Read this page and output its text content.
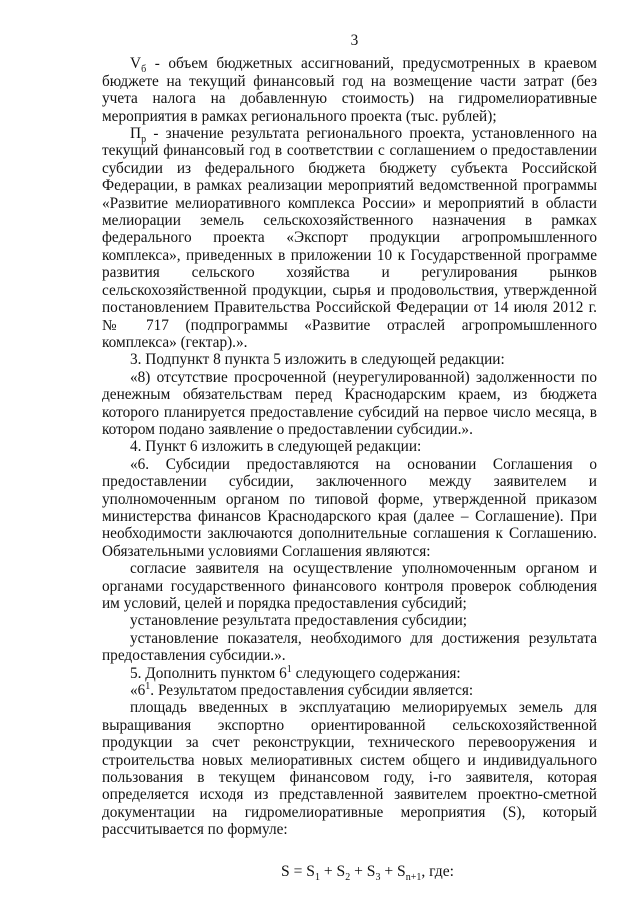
3

$V_б$ - объем бюджетных ассигнований, предусмотренных в краевом бюджете на текущий финансовый год на возмещение части затрат (без учета налога на добавленную стоимость) на гидромелиоративные мероприятия в рамках регионального проекта (тыс. рублей);

$П_р$ - значение результата регионального проекта, установленного на текущий финансовый год в соответствии с соглашением о предоставлении субсидии из федерального бюджета бюджету субъекта Российской Федерации, в рамках реализации мероприятий ведомственной программы «Развитие мелиоративного комплекса России» и мероприятий в области мелиорации земель сельскохозяйственного назначения в рамках федерального проекта «Экспорт продукции агропромышленного комплекса», приведенных в приложении 10 к Государственной программе развития сельского хозяйства и регулирования рынков сельскохозяйственной продукции, сырья и продовольствия, утвержденной постановлением Правительства Российской Федерации от 14 июля 2012 г. № 717 (подпрограммы «Развитие отраслей агропромышленного комплекса» (гектар).».

3. Подпункт 8 пункта 5 изложить в следующей редакции:

«8) отсутствие просроченной (неурегулированной) задолженности по денежным обязательствам перед Краснодарским краем, из бюджета которого планируется предоставление субсидий на первое число месяца, в котором подано заявление о предоставлении субсидии.».

4. Пункт 6 изложить в следующей редакции:

«6. Субсидии предоставляются на основании Соглашения о предоставлении субсидии, заключенного между заявителем и уполномоченным органом по типовой форме, утвержденной приказом министерства финансов Краснодарского края (далее – Соглашение). При необходимости заключаются дополнительные соглашения к Соглашению. Обязательными условиями Соглашения являются:

согласие заявителя на осуществление уполномоченным органом и органами государственного финансового контроля проверок соблюдения им условий, целей и порядка предоставления субсидий;

установление результата предоставления субсидии;

установление показателя, необходимого для достижения результата предоставления субсидии.».

5. Дополнить пунктом $6^1$ следующего содержания:

«$6^1$. Результатом предоставления субсидии является:

площадь введенных в эксплуатацию мелиорируемых земель для выращивания экспортно ориентированной сельскохозяйственной продукции за счет реконструкции, технического перевооружения и строительства новых мелиоративных систем общего и индивидуального пользования в текущем финансовом году, i-го заявителя, которая определяется исходя из представленной заявителем проектно-сметной документации на гидромелиоративные мероприятия (S), который рассчитывается по формуле:

$S = S_1 + S_2 + S_3 + S_{n+1}$, где:
